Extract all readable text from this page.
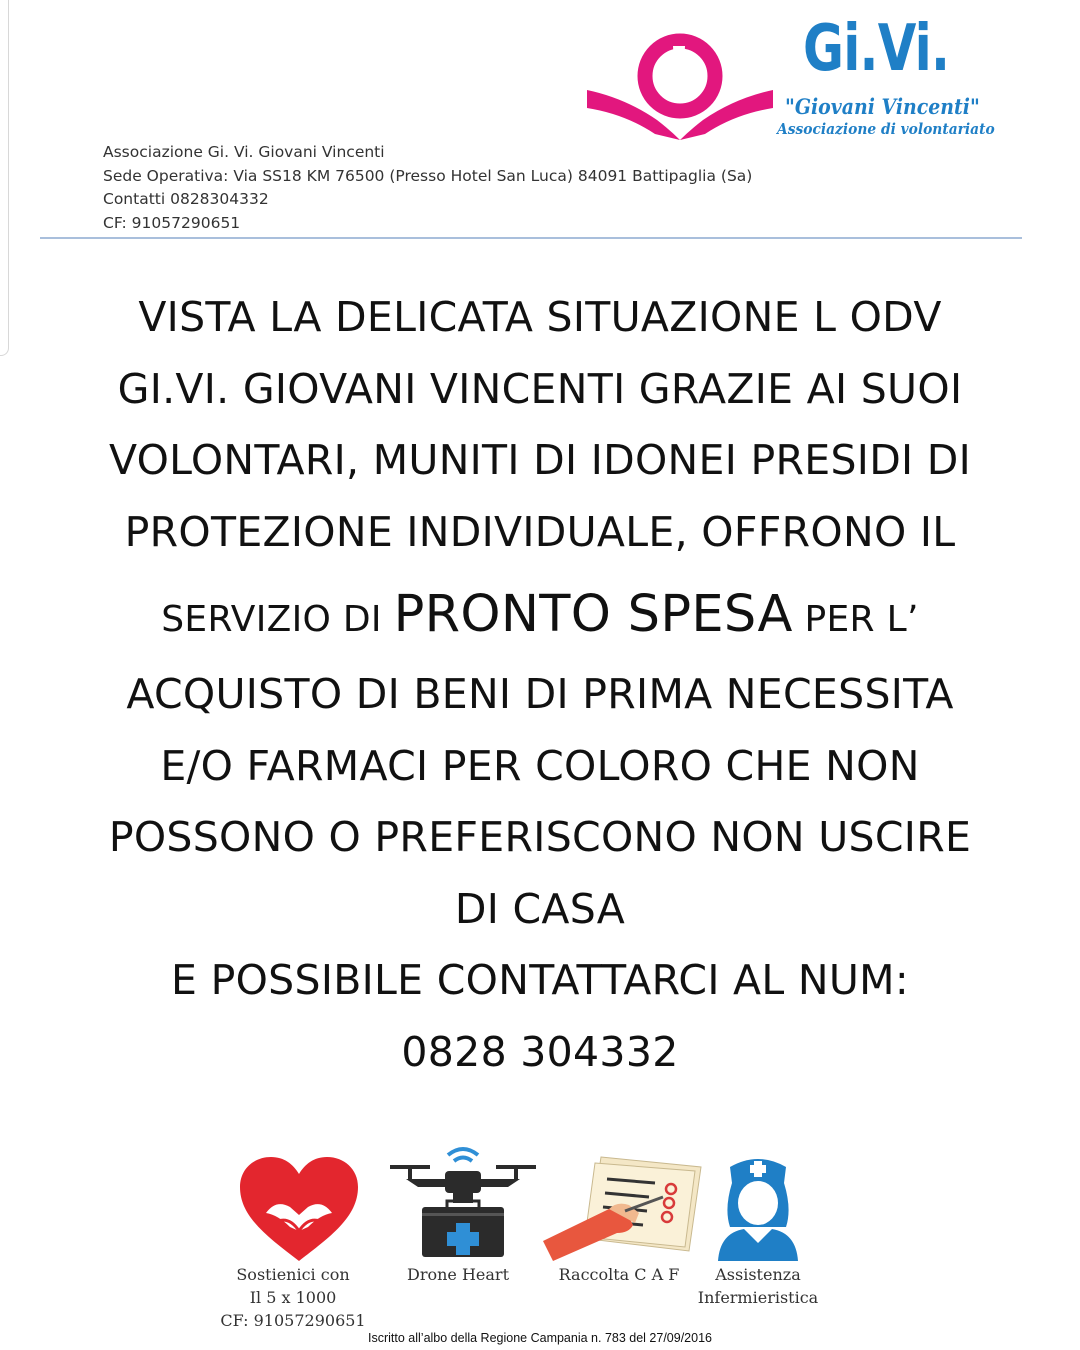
Gi.Vi.
"Giovani Vincenti"
Associazione di volontariato
Associazione Gi. Vi. Giovani Vincenti
Sede Operativa: Via SS18 KM 76500 (Presso Hotel San Luca) 84091 Battipaglia (Sa)
Contatti 0828304332
CF: 91057290651
VISTA LA DELICATA SITUAZIONE L ODV
GI.VI. GIOVANI VINCENTI GRAZIE AI SUOI
VOLONTARI, MUNITI DI IDONEI PRESIDI DI
PROTEZIONE INDIVIDUALE, OFFRONO IL
SERVIZIO DI PRONTO SPESA PER L’
ACQUISTO DI BENI DI PRIMA NECESSITA
E/O FARMACI PER COLORO CHE NON
POSSONO O PREFERISCONO NON USCIRE
DI CASA
E POSSIBILE CONTATTARCI AL NUM:
0828 304332
Sostienici con
Il 5 x 1000
CF: 91057290651
Drone Heart	Raccolta C A F	Assistenza
Infermieristica
Iscritto all’albo della Regione Campania n. 783 del 27/09/2016
